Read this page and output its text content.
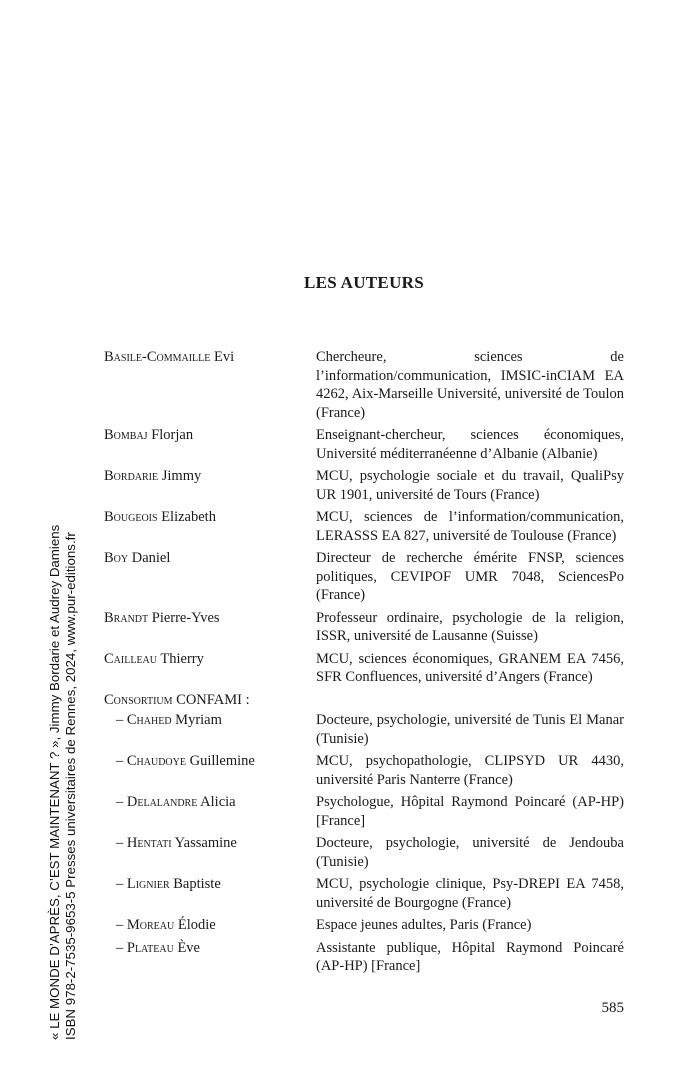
« LE MONDE D’APRÈS, C’EST MAINTENANT ? », Jimmy Bordarie et Audrey Damiens ISBN 978-2-7535-9653-5 Presses universitaires de Rennes, 2024, www.pur-editions.fr
LES AUTEURS
Basile-Commaille Evi	Chercheure, sciences de l’information/communication, IMSIC-inCIAM EA 4262, Aix-Marseille Université, université de Toulon (France)
Bombaj Florjan	Enseignant-chercheur, sciences économiques, Université méditerranéenne d’Albanie (Albanie)
Bordarie Jimmy	MCU, psychologie sociale et du travail, QualiPsy UR 1901, université de Tours (France)
Bougeois Elizabeth	MCU, sciences de l’information/communication, LERASSS EA 827, université de Toulouse (France)
Boy Daniel	Directeur de recherche émérite FNSP, sciences politiques, CEVIPOF UMR 7048, SciencesPo (France)
Brandt Pierre-Yves	Professeur ordinaire, psychologie de la religion, ISSR, université de Lausanne (Suisse)
Cailleau Thierry	MCU, sciences économiques, GRANEM EA 7456, SFR Confluences, université d’Angers (France)
Consortium CONFAMI :
– Chahed Myriam	Docteure, psychologie, université de Tunis El Manar (Tunisie)
– Chaudoye Guillemine	MCU, psychopathologie, CLIPSYD UR 4430, université Paris Nanterre (France)
– Delalandre Alicia	Psychologue, Hôpital Raymond Poincaré (AP-HP) [France]
– Hentati Yassamine	Docteure, psychologie, université de Jendouba (Tunisie)
– Lignier Baptiste	MCU, psychologie clinique, Psy-DREPI EA 7458, université de Bourgogne (France)
– Moreau Élodie	Espace jeunes adultes, Paris (France)
– Plateau Ève	Assistante publique, Hôpital Raymond Poincaré (AP-HP) [France]
585
